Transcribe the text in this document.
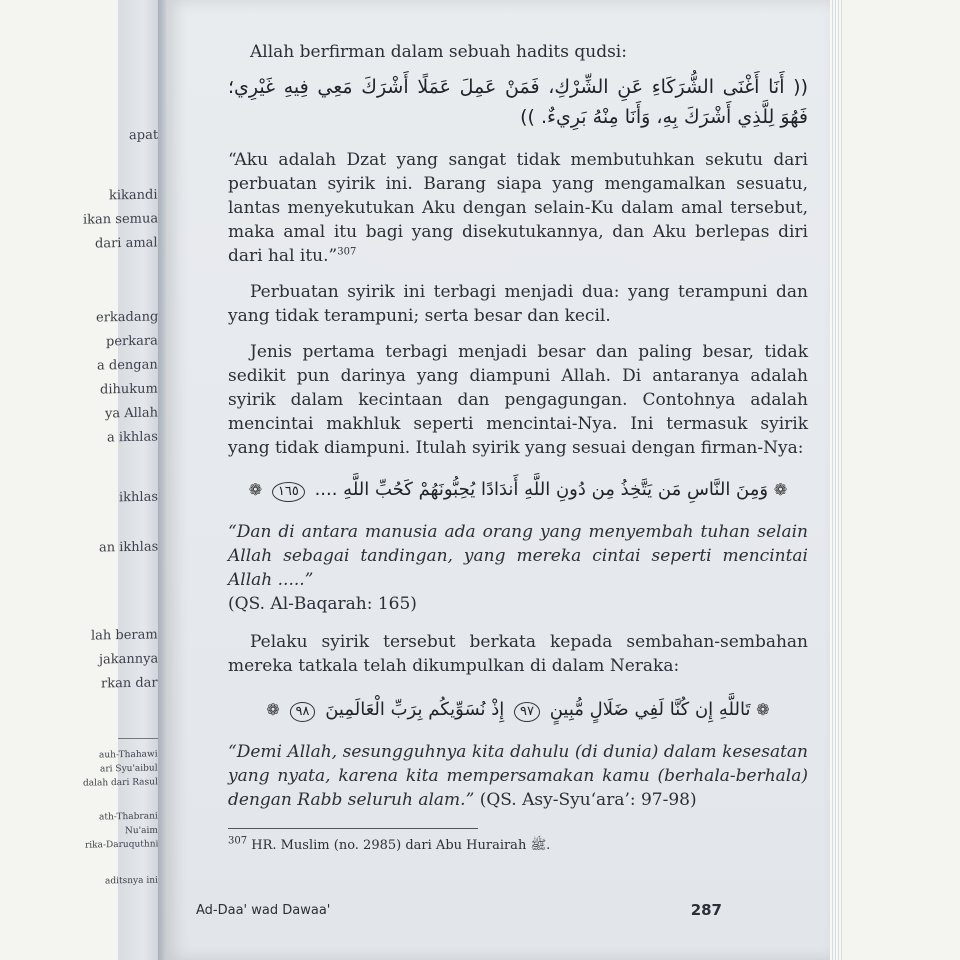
apat
kikandi
ikan semua
dari amal
erkadang
perkara
a dengan
dihukum
ya Allah
a ikhlas
ikhlas
an ikhlas
lah beram
jakannya
rkan dar
auh-Thahawi
ari Syu'aibul
dalah dari Rasul
ath-Thabrani
Nu'aim
rika-Daruquthni
aditsnya ini

Allah berfirman dalam sebuah hadits qudsi:

(( أَنَا أَغْنَى الشُّرَكَاءِ عَنِ الشِّرْكِ، فَمَنْ عَمِلَ عَمَلًا أَشْرَكَ مَعِي فِيهِ غَيْرِي؛ فَهُوَ لِلَّذِي أَشْرَكَ بِهِ، وَأَنَا مِنْهُ بَرِيءٌ. ))

“Aku adalah Dzat yang sangat tidak membutuhkan sekutu dari perbuatan syirik ini. Barang siapa yang mengamalkan sesuatu, lantas menyekutukan Aku dengan selain-Ku dalam amal tersebut, maka amal itu bagi yang disekutukannya, dan Aku berlepas diri dari hal itu.”$^{307}$

Perbuatan syirik ini terbagi menjadi dua: yang terampuni dan yang tidak terampuni; serta besar dan kecil.

Jenis pertama terbagi menjadi besar dan paling besar, tidak sedikit pun darinya yang diampuni Allah. Di antaranya adalah syirik dalam kecintaan dan pengagungan. Contohnya adalah mencintai makhluk seperti mencintai-Nya. Ini termasuk syirik yang tidak diampuni. Itulah syirik yang sesuai dengan firman-Nya:

❁ وَمِنَ النَّاسِ مَن يَتَّخِذُ مِن دُونِ اللَّهِ أَندَادًا يُحِبُّونَهُمْ كَحُبِّ اللَّهِ .... ١٦٥ ❁

“Dan di antara manusia ada orang yang menyembah tuhan selain Allah sebagai tandingan, yang mereka cintai seperti mencintai Allah .....”

(QS. Al-Baqarah: 165)

Pelaku syirik tersebut berkata kepada sembahan-sembahan mereka tatkala telah dikumpulkan di dalam Neraka:

❁ تَاللَّهِ إِن كُنَّا لَفِي ضَلَالٍ مُّبِينٍ ٩٧ إِذْ نُسَوِّيكُم بِرَبِّ الْعَالَمِينَ ٩٨ ❁

“Demi Allah, sesungguhnya kita dahulu (di dunia) dalam kesesatan yang nyata, karena kita mempersamakan kamu (berhala-berhala) dengan Rabb seluruh alam.” (QS. Asy-Syu‘ara’: 97-98)

$^{307}$ HR. Muslim (no. 2985) dari Abu Hurairah ﷺ.

Ad-Daa' wad Dawaa'	287
